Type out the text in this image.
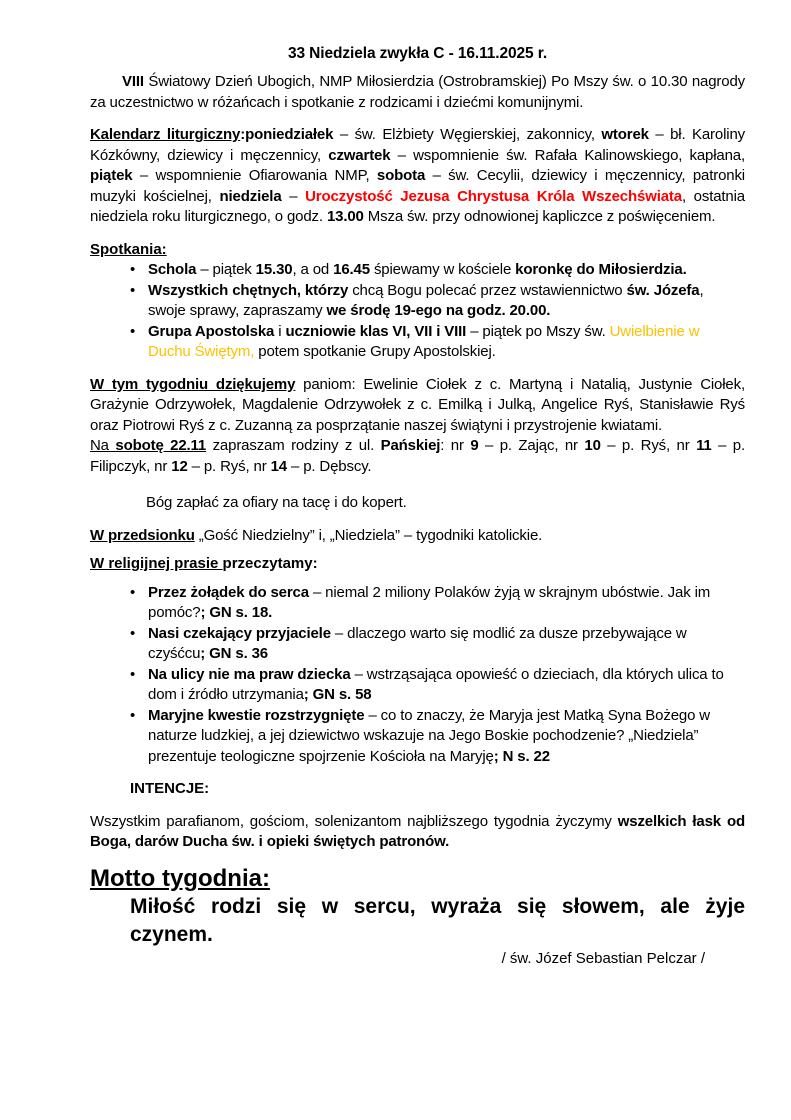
33 Niedziela zwykła C - 16.11.2025 r.

VIII Światowy Dzień Ubogich, NMP Miłosierdzia (Ostrobramskiej) Po Mszy św. o 10.30 nagrody za uczestnictwo w różańcach i spotkanie z rodzicami i dziećmi komunijnymi.

Kalendarz liturgiczny:poniedziałek – św. Elżbiety Węgierskiej, zakonnicy, wtorek – bł. Karoliny Kózkówny, dziewicy i męczennicy, czwartek – wspomnienie św. Rafała Kalinowskiego, kapłana, piątek – wspomnienie Ofiarowania NMP, sobota – św. Cecylii, dziewicy i męczennicy, patronki muzyki kościelnej, niedziela – Uroczystość Jezusa Chrystusa Króla Wszechświata, ostatnia niedziela roku liturgicznego, o godz. 13.00 Msza św. przy odnowionej kapliczce z poświęceniem.

Spotkania:

• Schola – piątek 15.30, a od 16.45 śpiewamy w kościele koronkę do Miłosierdzia.
• Wszystkich chętnych, którzy chcą Bogu polecać przez wstawiennictwo św. Józefa, swoje sprawy, zapraszamy we środę 19-ego na godz. 20.00.
• Grupa Apostolska i uczniowie klas VI, VII i VIII – piątek po Mszy św. Uwielbienie w Duchu Świętym, potem spotkanie Grupy Apostolskiej.

W tym tygodniu dziękujemy paniom: Ewelinie Ciołek z c. Martyną i Natalią, Justynie Ciołek, Grażynie Odrzywołek, Magdalenie Odrzywołek z c. Emilką i Julką, Angelice Ryś, Stanisławie Ryś oraz Piotrowi Ryś z c. Zuzanną za posprzątanie naszej świątyni i przystrojenie kwiatami.

Na sobotę 22.11 zapraszam rodziny z ul. Pańskiej: nr 9 – p. Zając, nr 10 – p. Ryś, nr 11 – p. Filipczyk, nr 12 – p. Ryś, nr 14 – p. Dębscy.

Bóg zapłać za ofiary na tacę i do kopert.

W przedsionku „Gość Niedzielny” i, „Niedziela” – tygodniki katolickie.

W religijnej prasie przeczytamy:

• Przez żołądek do serca – niemal 2 miliony Polaków żyją w skrajnym ubóstwie. Jak im pomóc?; GN s. 18.
• Nasi czekający przyjaciele – dlaczego warto się modlić za dusze przebywające w czyśćcu; GN s. 36
• Na ulicy nie ma praw dziecka – wstrząsająca opowieść o dzieciach, dla których ulica to dom i źródło utrzymania; GN s. 58
• Maryjne kwestie rozstrzygnięte – co to znaczy, że Maryja jest Matką Syna Bożego w naturze ludzkiej, a jej dziewictwo wskazuje na Jego Boskie pochodzenie? „Niedziela” prezentuje teologiczne spojrzenie Kościoła na Maryję; N s. 22

INTENCJE:

Wszystkim parafianom, gościom, solenizantom najbliższego tygodnia życzymy wszelkich łask od Boga, darów Ducha św. i opieki świętych patronów.

Motto tygodnia:

Miłość rodzi się w sercu, wyraża się słowem, ale żyje czynem.

/ św. Józef Sebastian Pelczar /
